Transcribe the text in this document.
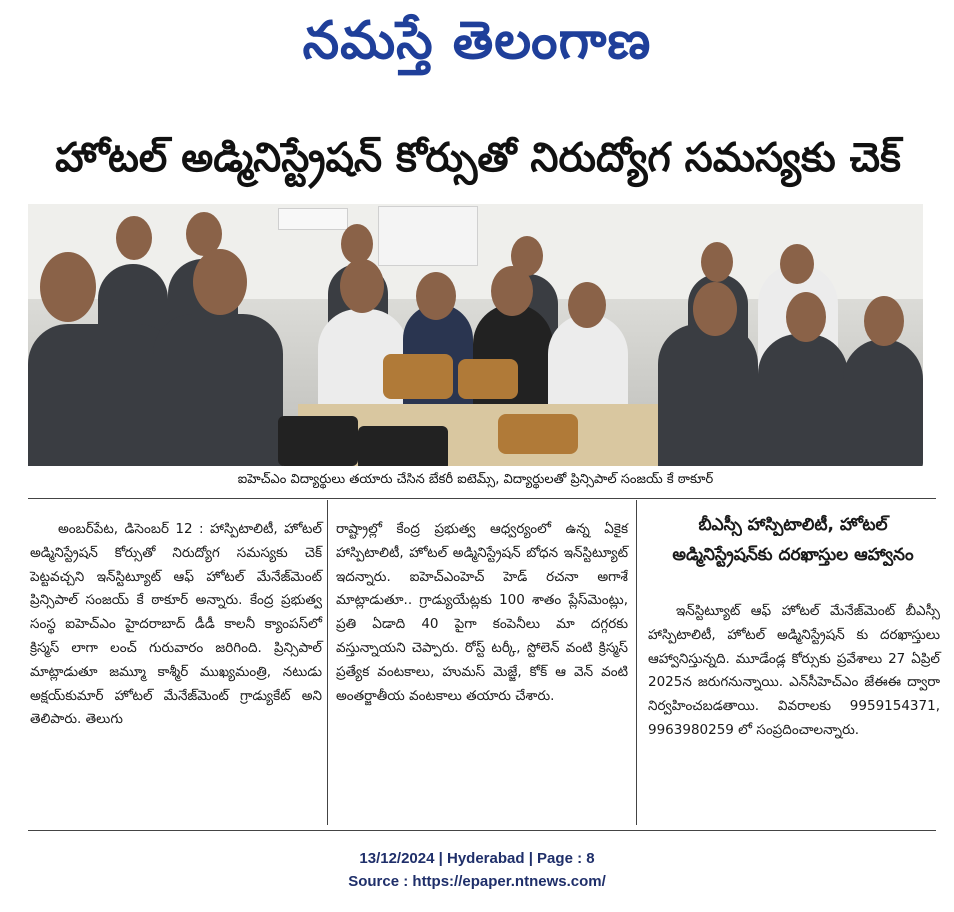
నమస్తే తెలంగాణ
హోటల్ అడ్మినిస్ట్రేషన్ కోర్సుతో నిరుద్యోగ సమస్యకు చెక్
ఐహెచ్ఎం విద్యార్థులు తయారు చేసిన బేకరీ ఐటెమ్స్, విద్యార్థులతో ప్రిన్సిపాల్ సంజయ్ కే ఠాకూర్

అంబర్‌పేట, డిసెంబర్ 12 : హాస్పిటాలిటీ, హోటల్ అడ్మినిస్ట్రేషన్ కోర్సుతో నిరుద్యోగ సమస్యకు చెక్ పెట్టవచ్చని ఇన్‌స్టిట్యూట్ ఆఫ్ హోటల్ మేనేజ్‌మెంట్ ప్రిన్సిపాల్ సంజయ్ కే ఠాకూర్ అన్నారు. కేంద్ర ప్రభుత్వ సంస్థ ఐహెచ్ఎం హైదరాబాద్ డీడీ కాలనీ క్యాంపస్‌లో క్రిస్మస్ లాగా లంచ్ గురువారం జరిగింది. ప్రిన్సిపాల్ మాట్లాడుతూ జమ్మూ కాశ్మీర్ ముఖ్యమంత్రి, నటుడు అక్షయ్‌కుమార్ హోటల్ మేనేజ్‌మెంట్ గ్రాడ్యుకేట్ అని తెలిపారు. తెలుగు

రాష్ట్రాల్లో కేంద్ర ప్రభుత్వ ఆధ్వర్యంలో ఉన్న ఏకైక హాస్పిటాలిటీ, హోటల్ అడ్మినిస్ట్రేషన్ బోధన ఇన్‌స్టిట్యూట్ ఇదన్నారు. ఐహెచ్ఎంహెచ్ హెడ్ రచనా అగాశే మాట్లాడుతూ.. గ్రాడ్యుయేట్లకు 100 శాతం ప్లేస్‌మెంట్లు, ప్రతి ఏడాది 40 పైగా కంపెనీలు మా దగ్గరకు వస్తున్నాయని చెప్పారు. రోస్ట్ టర్కీ, స్టోలెన్ వంటి క్రిస్మస్ ప్రత్యేక వంటకాలు, హుమస్ మెజ్జే, కోక్ ఆ వెన్ వంటి అంతర్జాతీయ వంటకాలు తయారు చేశారు.

బీఎస్సీ హాస్పిటాలిటీ, హోటల్ అడ్మినిస్ట్రేషన్‌కు దరఖాస్తుల ఆహ్వానం

ఇన్‌స్టిట్యూట్ ఆఫ్ హోటల్ మేనేజ్‌మెంట్ బీఎస్సీ హాస్పిటాలిటీ, హోటల్ అడ్మినిస్ట్రేషన్ కు దరఖాస్తులు ఆహ్వానిస్తున్నది. మూడేండ్ల కోర్సుకు ప్రవేశాలు 27 ఏప్రిల్ 2025న జరుగనున్నాయి. ఎన్‌సీహెచ్ఎం జేఈఈ ద్వారా నిర్వహించబడతాయి. వివరాలకు 9959154371, 9963980259 లో సంప్రదించాలన్నారు.

13/12/2024 | Hyderabad | Page : 8
Source : https://epaper.ntnews.com/
